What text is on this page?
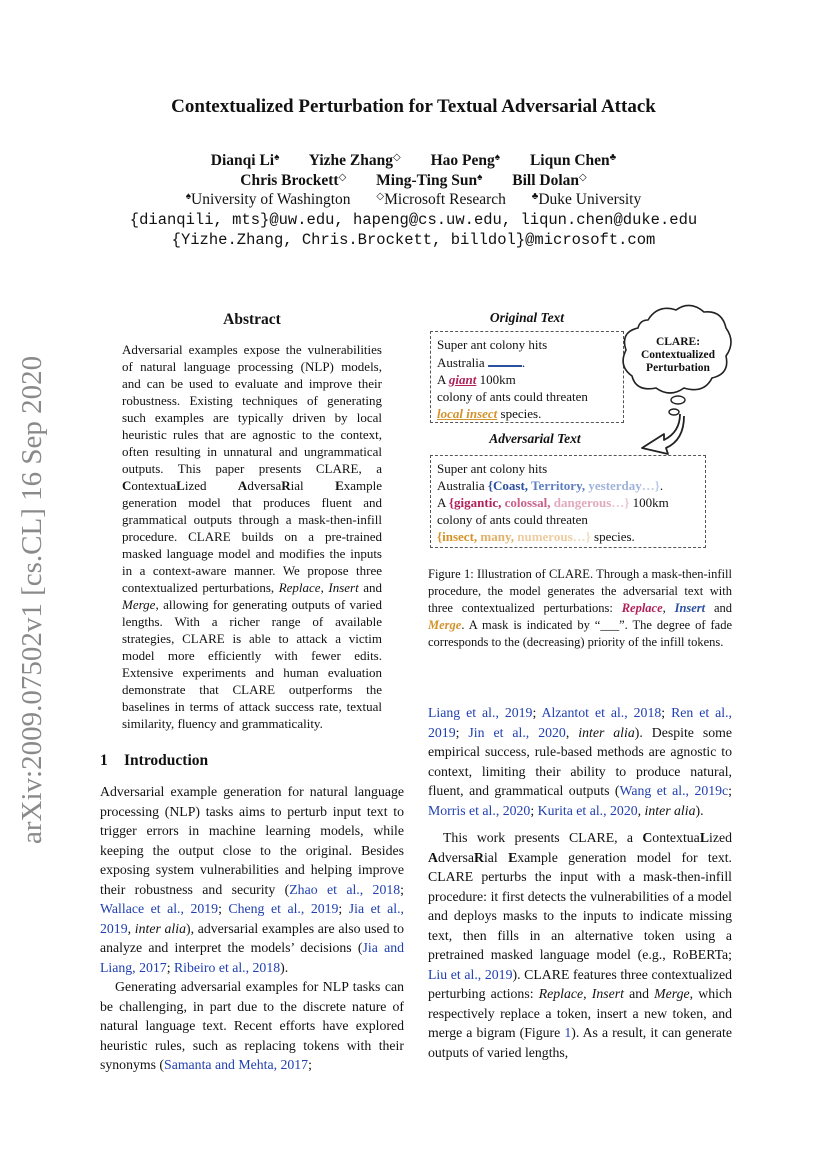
Contextualized Perturbation for Textual Adversarial Attack
Dianqi Li♠ Yizhe Zhang◇ Hao Peng♠ Liqun Chen♣
Chris Brockett◇ Ming-Ting Sun♠ Bill Dolan◇
♠University of Washington	◇Microsoft Research	♣Duke University
{dianqili, mts}@uw.edu, hapeng@cs.uw.edu, liqun.chen@duke.edu
{Yizhe.Zhang, Chris.Brockett, billdol}@microsoft.com
arXiv:2009.07502v1 [cs.CL] 16 Sep 2020
Abstract
Adversarial examples expose the vulnerabilities of natural language processing (NLP) models, and can be used to evaluate and improve their robustness. Existing techniques of generating such examples are typically driven by local heuristic rules that are agnostic to the context, often resulting in unnatural and ungrammatical outputs. This paper presents CLARE, a ContextuaLized AdversaRial Example generation model that produces fluent and grammatical outputs through a mask-then-infill procedure. CLARE builds on a pre-trained masked language model and modifies the inputs in a context-aware manner. We propose three contextualized perturbations, Replace, Insert and Merge, allowing for generating outputs of varied lengths. With a richer range of available strategies, CLARE is able to attack a victim model more efficiently with fewer edits. Extensive experiments and human evaluation demonstrate that CLARE outperforms the baselines in terms of attack success rate, textual similarity, fluency and grammaticality.
1 Introduction

Adversarial example generation for natural language processing (NLP) tasks aims to perturb input text to trigger errors in machine learning models, while keeping the output close to the original. Besides exposing system vulnerabilities and helping improve their robustness and security (Zhao et al., 2018; Wallace et al., 2019; Cheng et al., 2019; Jia et al., 2019, inter alia), adversarial examples are also used to analyze and interpret the models’ decisions (Jia and Liang, 2017; Ribeiro et al., 2018).

Generating adversarial examples for NLP tasks can be challenging, in part due to the discrete nature of natural language text. Recent efforts have explored heuristic rules, such as replacing tokens with their synonyms (Samanta and Mehta, 2017;

Liang et al., 2019; Alzantot et al., 2018; Ren et al., 2019; Jin et al., 2020, inter alia). Despite some empirical success, rule-based methods are agnostic to context, limiting their ability to produce natural, fluent, and grammatical outputs (Wang et al., 2019c; Morris et al., 2020; Kurita et al., 2020, inter alia).

This work presents CLARE, a ContextuaLized AdversaRial Example generation model for text. CLARE perturbs the input with a mask-then-infill procedure: it first detects the vulnerabilities of a model and deploys masks to the inputs to indicate missing text, then fills in an alternative token using a pretrained masked language model (e.g., RoBERTa; Liu et al., 2019). CLARE features three contextualized perturbing actions: Replace, Insert and Merge, which respectively replace a token, insert a new token, and merge a bigram (Figure 1). As a result, it can generate outputs of varied lengths,

Original Text
Super ant colony hits
Australia	.
A giant 100km
colony of ants could threaten
local insect species.
CLARE:
Contextualized
Perturbation
Adversarial Text
Super ant colony hits
Australia {Coast, Territory, yesterday…}.
A {gigantic, colossal, dangerous…} 100km
colony of ants could threaten
{insect, many, numerous…} species.
Figure 1: Illustration of CLARE. Through a mask-then-infill procedure, the model generates the adversarial text with three contextualized perturbations: Replace, Insert and Merge. A mask is indicated by “___”. The degree of fade corresponds to the (decreasing) priority of the infill tokens.
